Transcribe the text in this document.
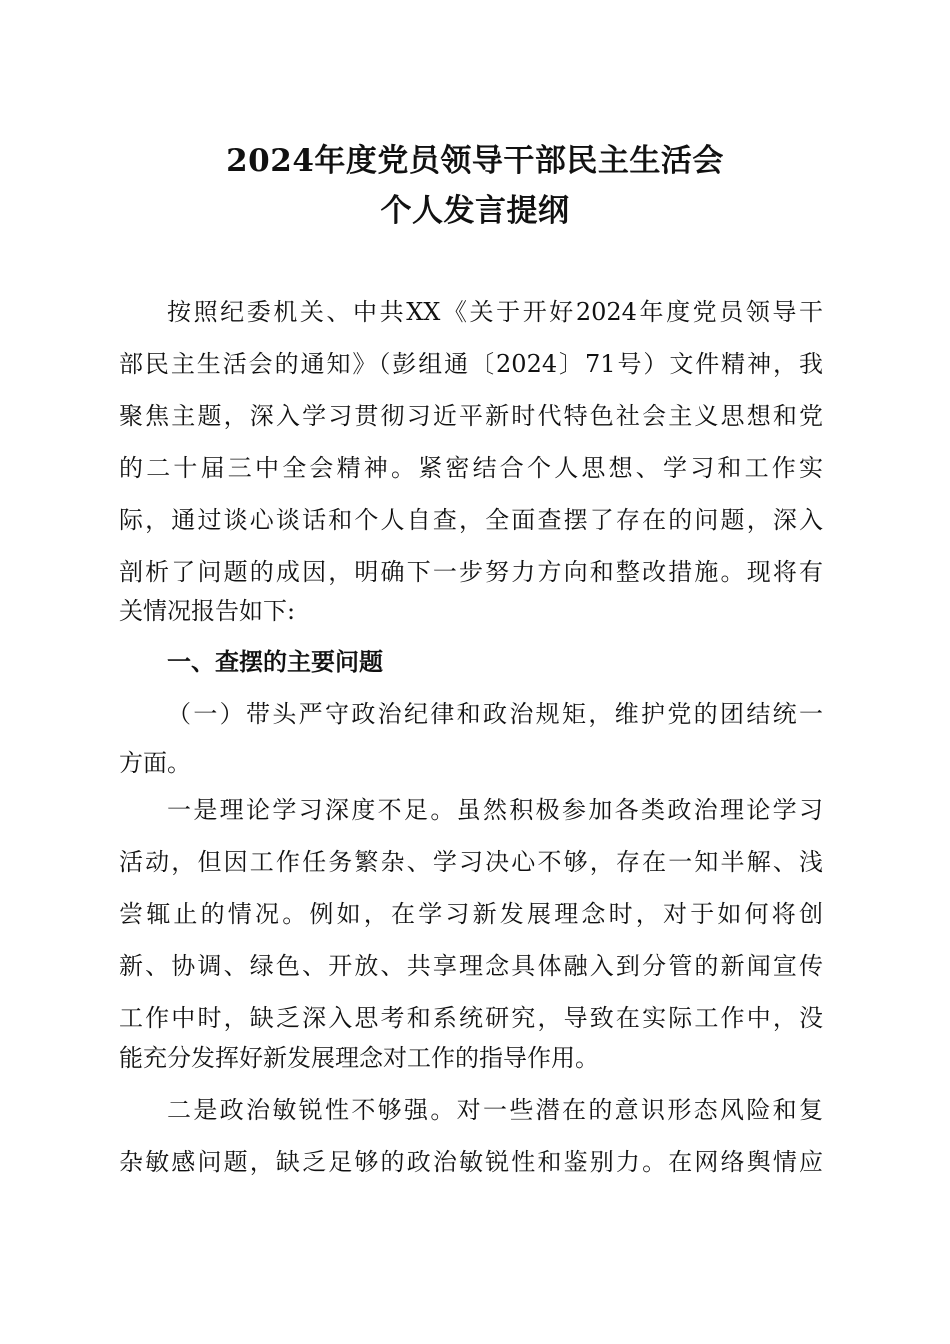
2024年度党员领导干部民主生活会
个人发言提纲
按照纪委机关、中共XX《关于开好2024年度党员领导干
部民主生活会的通知》（彭组通〔2024〕71号）文件精神，我
聚焦主题，深入学习贯彻习近平新时代特色社会主义思想和党
的二十届三中全会精神。紧密结合个人思想、学习和工作实
际，通过谈心谈话和个人自查，全面查摆了存在的问题，深入
剖析了问题的成因，明确下一步努力方向和整改措施。现将有
关情况报告如下:
一、查摆的主要问题
（一）带头严守政治纪律和政治规矩，维护党的团结统一
方面。
一是理论学习深度不足。虽然积极参加各类政治理论学习
活动，但因工作任务繁杂、学习决心不够，存在一知半解、浅
尝辄止的情况。例如，在学习新发展理念时，对于如何将创
新、协调、绿色、开放、共享理念具体融入到分管的新闻宣传
工作中时，缺乏深入思考和系统研究，导致在实际工作中，没
能充分发挥好新发展理念对工作的指导作用。
二是政治敏锐性不够强。对一些潜在的意识形态风险和复
杂敏感问题，缺乏足够的政治敏锐性和鉴别力。在网络舆情应
